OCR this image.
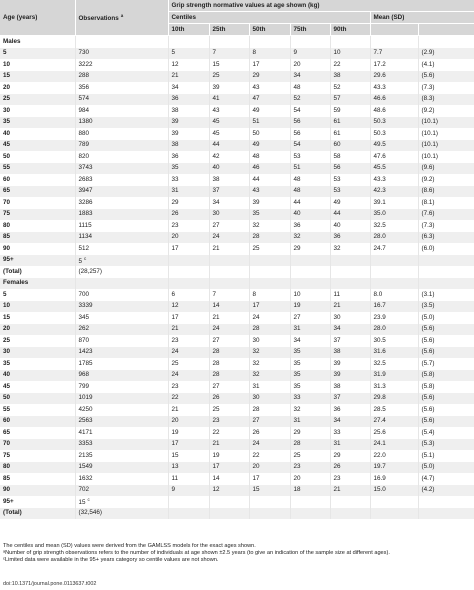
Age (years)	Observations $^a$	Grip strength normative values at age shown (kg)						
		Centiles					Mean (SD)	
		10th	25th	50th	75th	90th		
Males								
5	730	5	7	8	9	10	7.7	(2.9)
10	3222	12	15	17	20	22	17.2	(4.1)
15	288	21	25	29	34	38	29.6	(5.6)
20	356	34	39	43	48	52	43.3	(7.3)
25	574	36	41	47	52	57	46.6	(8.3)
30	984	38	43	49	54	59	48.6	(9.2)
35	1380	39	45	51	56	61	50.3	(10.1)
40	880	39	45	50	56	61	50.3	(10.1)
45	789	38	44	49	54	60	49.5	(10.1)
50	820	36	42	48	53	58	47.6	(10.1)
55	3743	35	40	46	51	56	45.5	(9.6)
60	2683	33	38	44	48	53	43.3	(9.2)
65	3947	31	37	43	48	53	42.3	(8.6)
70	3286	29	34	39	44	49	39.1	(8.1)
75	1883	26	30	35	40	44	35.0	(7.6)
80	1115	23	27	32	36	40	32.5	(7.3)
85	1134	20	24	28	32	36	28.0	(6.3)
90	512	17	21	25	29	32	24.7	(6.0)
95+	5 $^c$							
(Total)	(28,257)							
Females								
5	700	6	7	8	10	11	8.0	(3.1)
10	3339	12	14	17	19	21	16.7	(3.5)
15	345	17	21	24	27	30	23.9	(5.0)
20	262	21	24	28	31	34	28.0	(5.6)
25	870	23	27	30	34	37	30.5	(5.6)
30	1423	24	28	32	35	38	31.6	(5.6)
35	1785	25	28	32	35	39	32.5	(5.7)
40	968	24	28	32	35	39	31.9	(5.8)
45	799	23	27	31	35	38	31.3	(5.8)
50	1019	22	26	30	33	37	29.8	(5.6)
55	4250	21	25	28	32	36	28.5	(5.6)
60	2563	20	23	27	31	34	27.4	(5.6)
65	4171	19	22	26	29	33	25.6	(5.4)
70	3353	17	21	24	28	31	24.1	(5.3)
75	2135	15	19	22	25	29	22.0	(5.1)
80	1549	13	17	20	23	26	19.7	(5.0)
85	1632	11	14	17	20	23	16.9	(4.7)
90	702	9	12	15	18	21	15.0	(4.2)
95+	15 $^c$							
(Total)	(32,546)							
The centiles and mean (SD) values were derived from the GAMLSS models for the exact ages shown.
ᵃNumber of grip strength observations refers to the number of individuals at age shown ±2.5 years (to give an indication of the sample size at different ages).
ᶜLimited data were available in the 95+ years category so centile values are not shown.
doi:10.1371/journal.pone.0113637.t002
